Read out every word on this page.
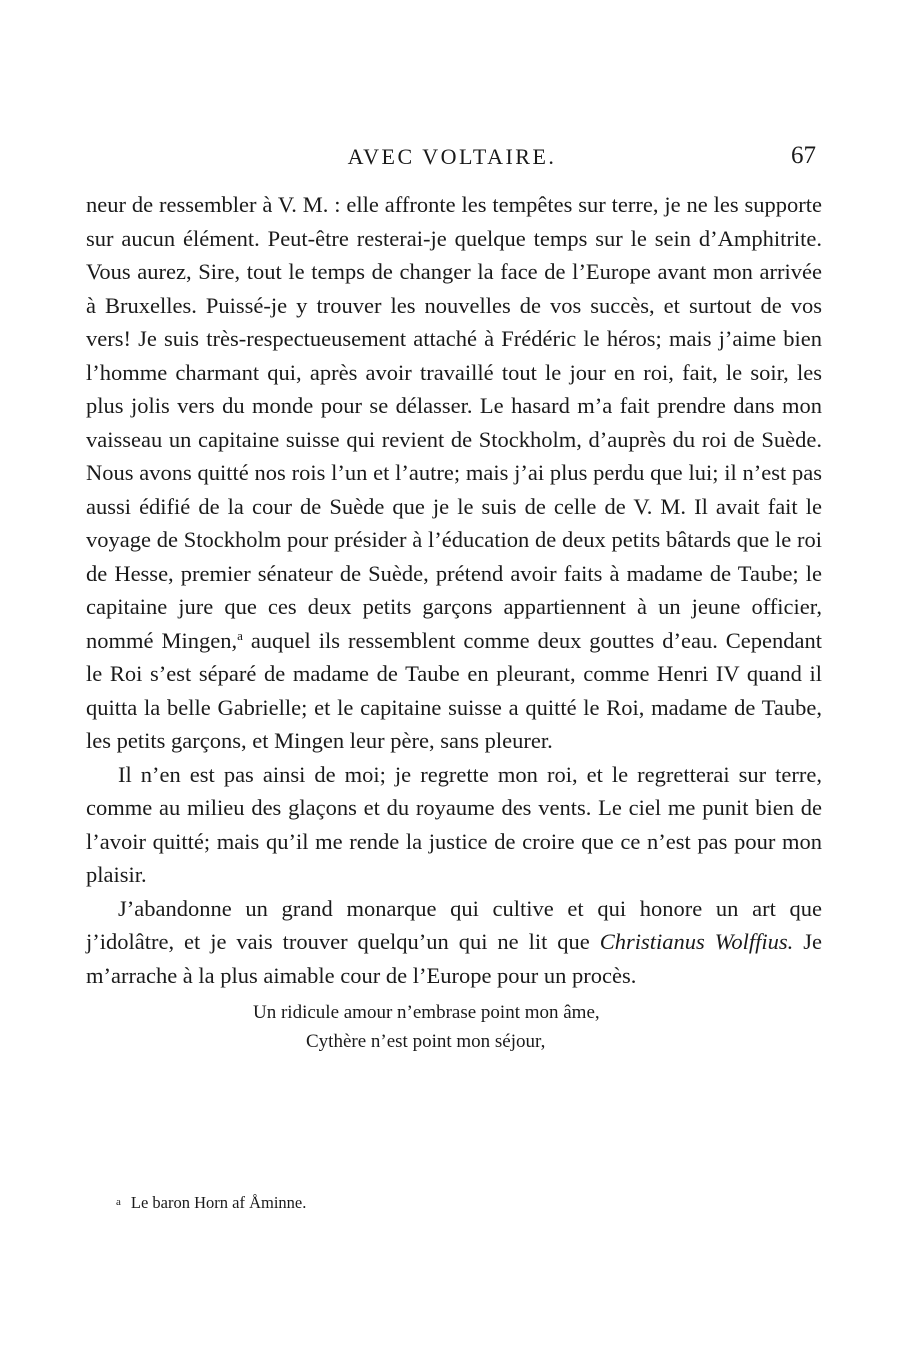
AVEC VOLTAIRE.	67

neur de ressembler à V. M. : elle affronte les tempêtes sur terre, je ne les supporte sur aucun élément. Peut-être resterai-je quelque temps sur le sein d’Amphitrite. Vous aurez, Sire, tout le temps de changer la face de l’Europe avant mon arrivée à Bruxelles. Puissé-je y trouver les nouvelles de vos succès, et surtout de vos vers! Je suis très-respectueusement attaché à Frédéric le héros; mais j’aime bien l’homme charmant qui, après avoir travaillé tout le jour en roi, fait, le soir, les plus jolis vers du monde pour se délasser. Le hasard m’a fait prendre dans mon vaisseau un capitaine suisse qui revient de Stockholm, d’auprès du roi de Suède. Nous avons quitté nos rois l’un et l’autre; mais j’ai plus perdu que lui; il n’est pas aussi édifié de la cour de Suède que je le suis de celle de V. M. Il avait fait le voyage de Stockholm pour présider à l’éducation de deux petits bâtards que le roi de Hesse, premier sénateur de Suède, prétend avoir faits à madame de Taube; le capitaine jure que ces deux petits garçons appartiennent à un jeune officier, nommé Mingen,$^a$ auquel ils ressemblent comme deux gouttes d’eau. Cependant le Roi s’est séparé de madame de Taube en pleurant, comme Henri IV quand il quitta la belle Gabrielle; et le capitaine suisse a quitté le Roi, madame de Taube, les petits garçons, et Mingen leur père, sans pleurer.

Il n’en est pas ainsi de moi; je regrette mon roi, et le regretterai sur terre, comme au milieu des glaçons et du royaume des vents. Le ciel me punit bien de l’avoir quitté; mais qu’il me rende la justice de croire que ce n’est pas pour mon plaisir.

J’abandonne un grand monarque qui cultive et qui honore un art que j’idolâtre, et je vais trouver quelqu’un qui ne lit que Christianus Wolffius. Je m’arrache à la plus aimable cour de l’Europe pour un procès.

Un ridicule amour n’embrase point mon âme,
Cythère n’est point mon séjour,
a Le baron Horn af Åminne.
